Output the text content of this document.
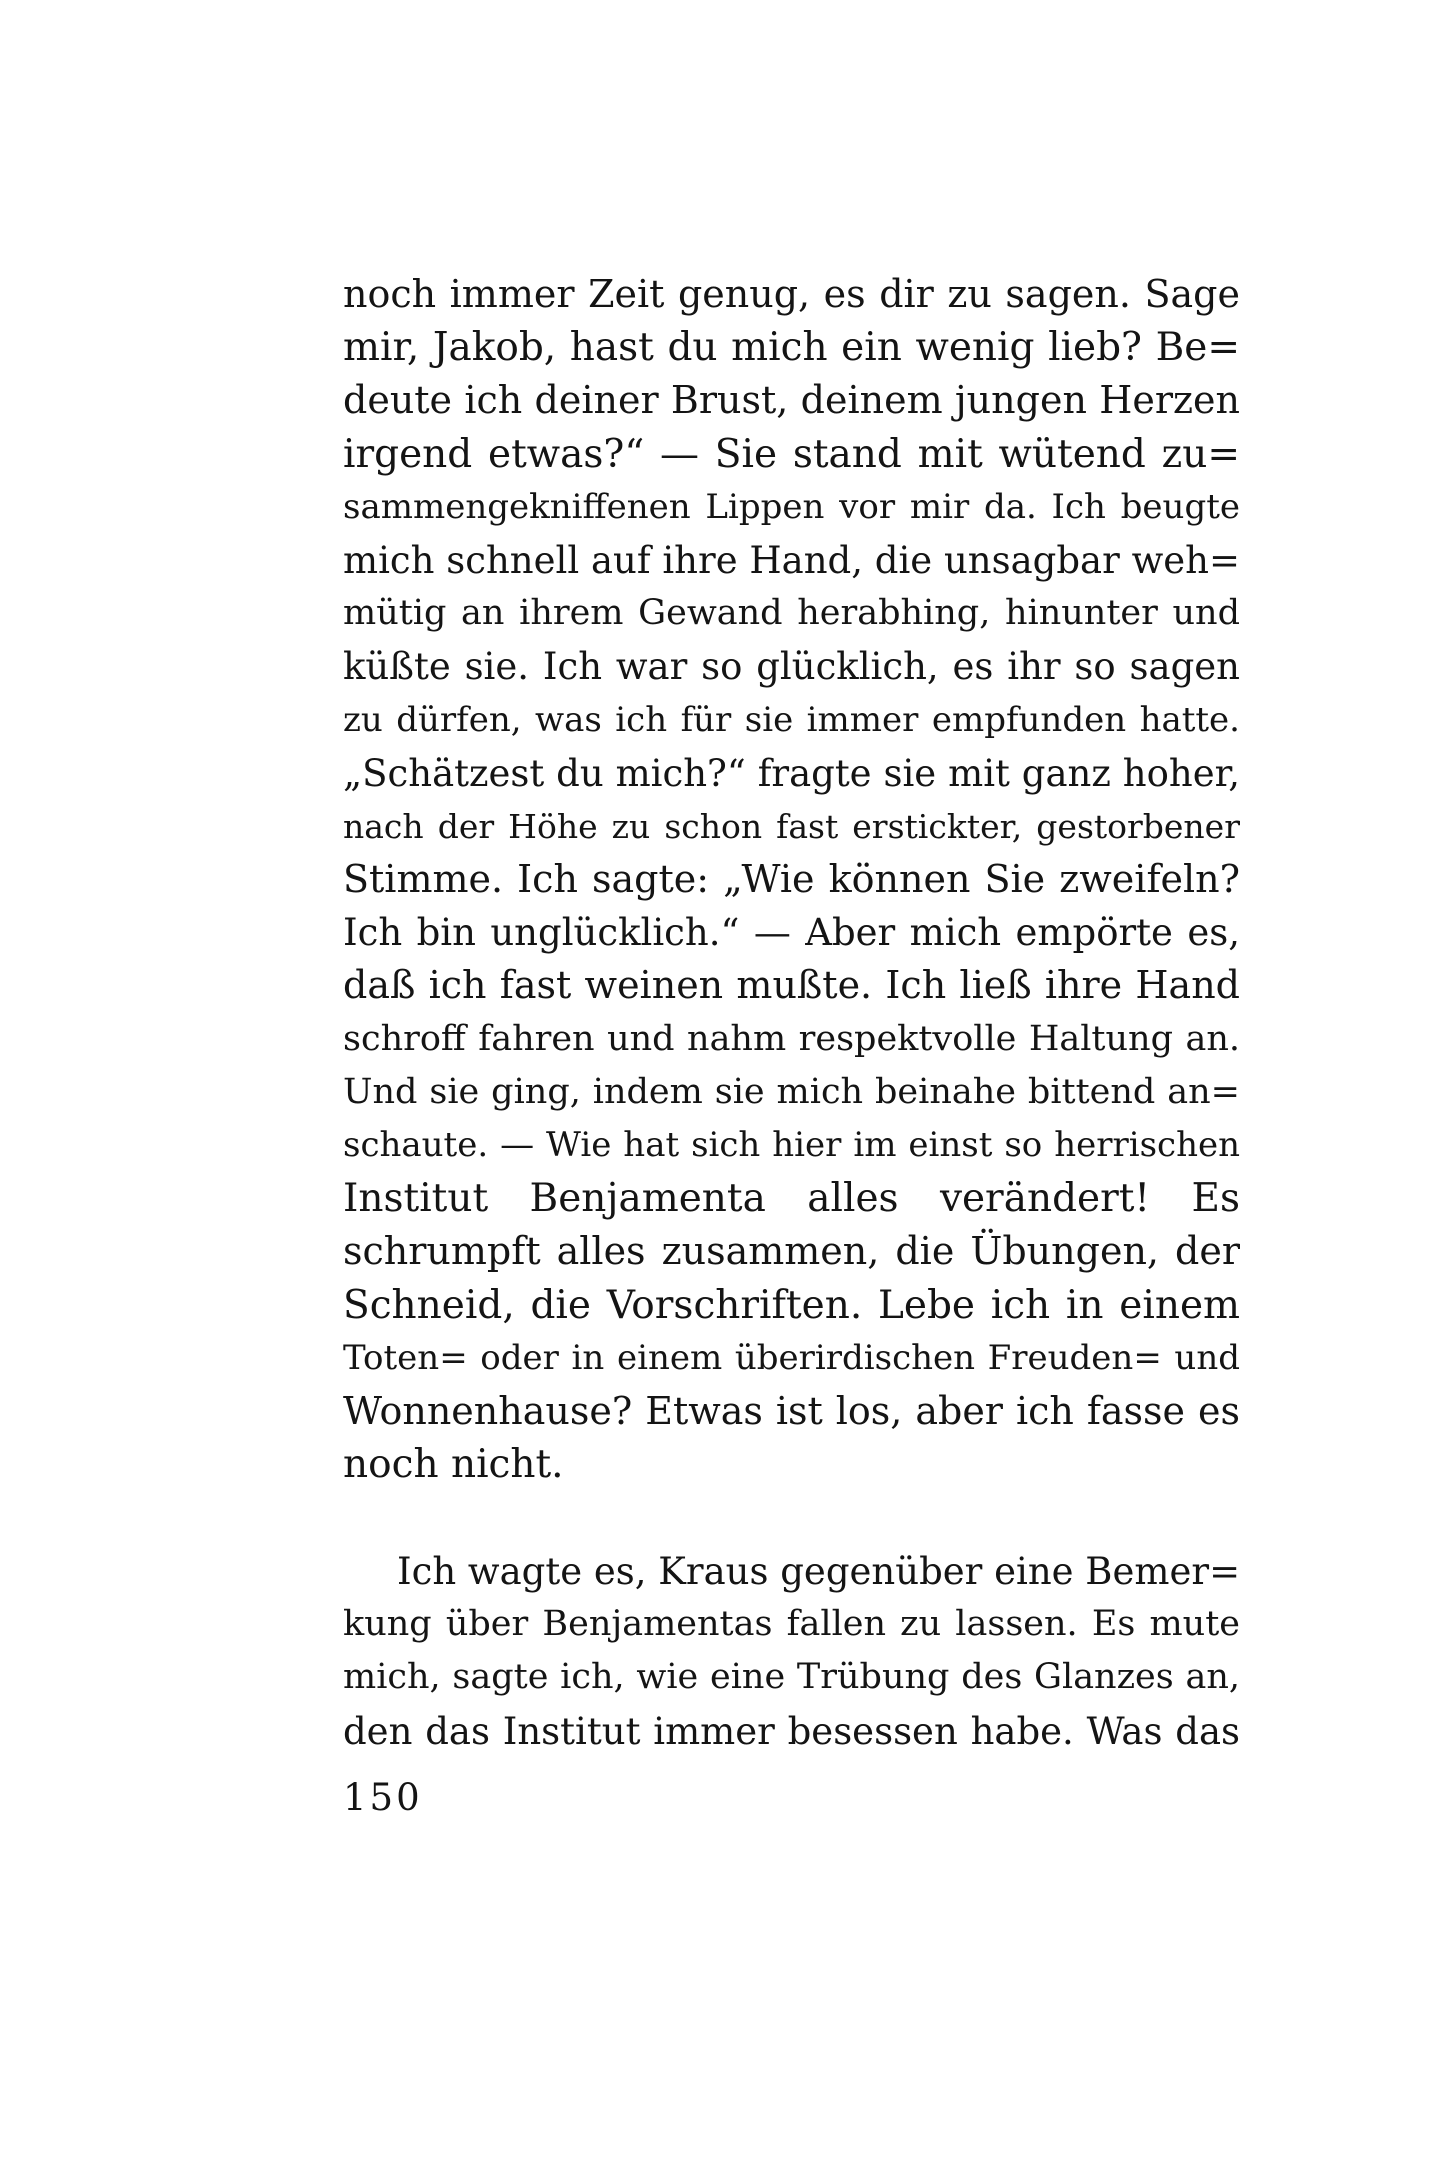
noch immer Zeit genug, es dir zu sagen. Sage
mir, Jakob, hast du mich ein wenig lieb? Be=
deute ich deiner Brust, deinem jungen Herzen
irgend etwas?“ — Sie stand mit wütend zu=
sammengekniffenen Lippen vor mir da. Ich beugte
mich schnell auf ihre Hand, die unsagbar weh=
mütig an ihrem Gewand herabhing, hinunter und
küßte sie. Ich war so glücklich, es ihr so sagen
zu dürfen, was ich für sie immer empfunden hatte.
„Schätzest du mich?“ fragte sie mit ganz hoher,
nach der Höhe zu schon fast erstickter, gestorbener
Stimme. Ich sagte: „Wie können Sie zweifeln?
Ich bin unglücklich.“ — Aber mich empörte es,
daß ich fast weinen mußte. Ich ließ ihre Hand
schroff fahren und nahm respektvolle Haltung an.
Und sie ging, indem sie mich beinahe bittend an=
schaute. — Wie hat sich hier im einst so herrischen
Institut Benjamenta alles verändert! Es
schrumpft alles zusammen, die Übungen, der
Schneid, die Vorschriften. Lebe ich in einem
Toten= oder in einem überirdischen Freuden= und
Wonnenhause? Etwas ist los, aber ich fasse es
noch nicht.
Ich wagte es, Kraus gegenüber eine Bemer=
kung über Benjamentas fallen zu lassen. Es mute
mich, sagte ich, wie eine Trübung des Glanzes an,
den das Institut immer besessen habe. Was das
150
